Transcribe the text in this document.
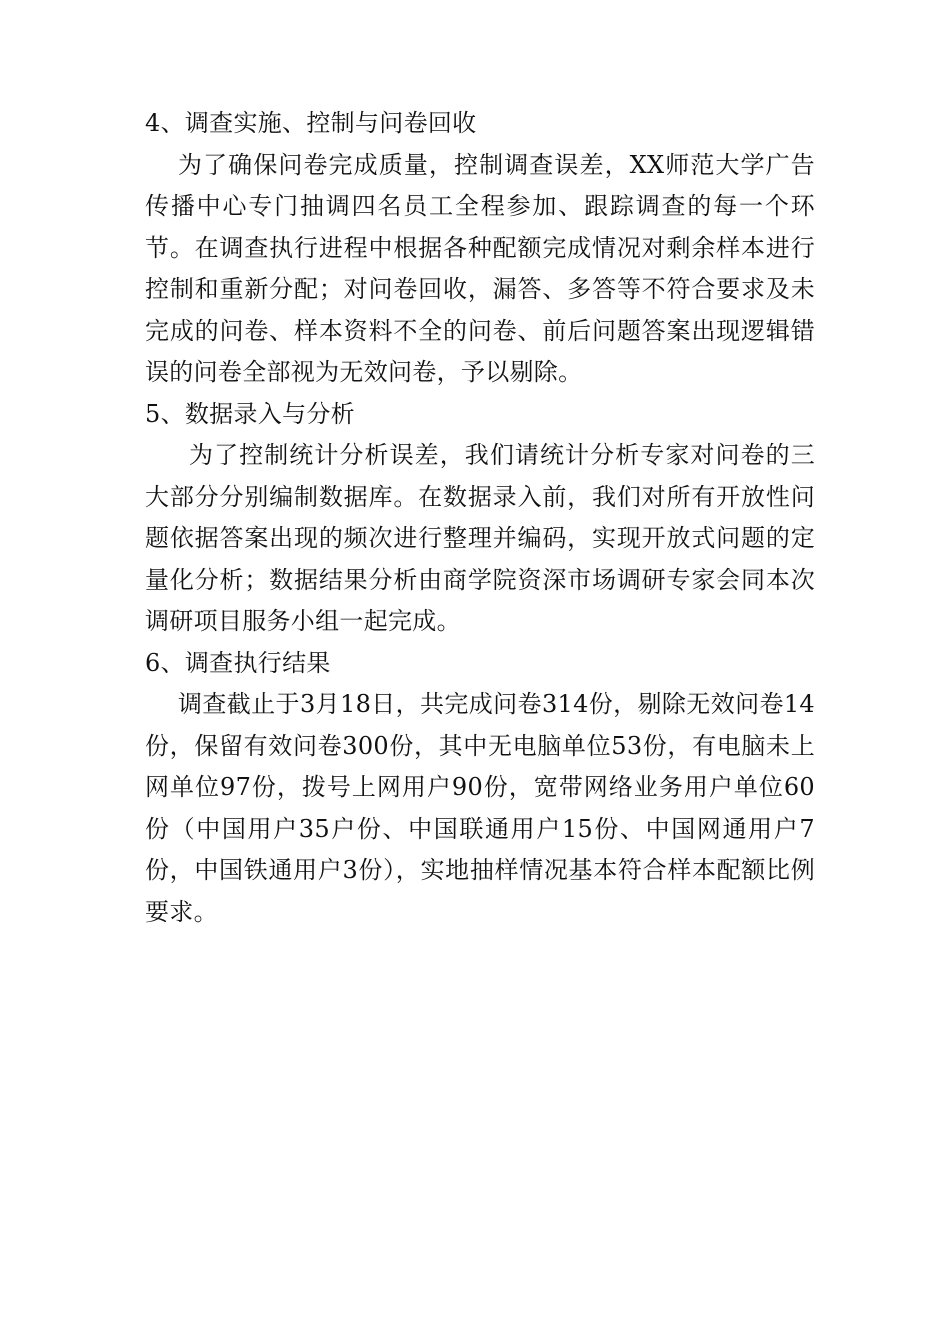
4、调查实施、控制与问卷回收

为了确保问卷完成质量，控制调查误差，XX师范大学广告传播中心专门抽调四名员工全程参加、跟踪调查的每一个环节。在调查执行进程中根据各种配额完成情况对剩余样本进行控制和重新分配；对问卷回收，漏答、多答等不符合要求及未完成的问卷、样本资料不全的问卷、前后问题答案出现逻辑错误的问卷全部视为无效问卷，予以剔除。

5、数据录入与分析

为了控制统计分析误差，我们请统计分析专家对问卷的三大部分分别编制数据库。在数据录入前，我们对所有开放性问题依据答案出现的频次进行整理并编码，实现开放式问题的定量化分析；数据结果分析由商学院资深市场调研专家会同本次调研项目服务小组一起完成。

6、调查执行结果

调查截止于3月18日，共完成问卷314份，剔除无效问卷14份，保留有效问卷300份，其中无电脑单位53份，有电脑未上网单位97份，拨号上网用户90份，宽带网络业务用户单位60份（中国用户35户份、中国联通用户15份、中国网通用户7份，中国铁通用户3份），实地抽样情况基本符合样本配额比例要求。
